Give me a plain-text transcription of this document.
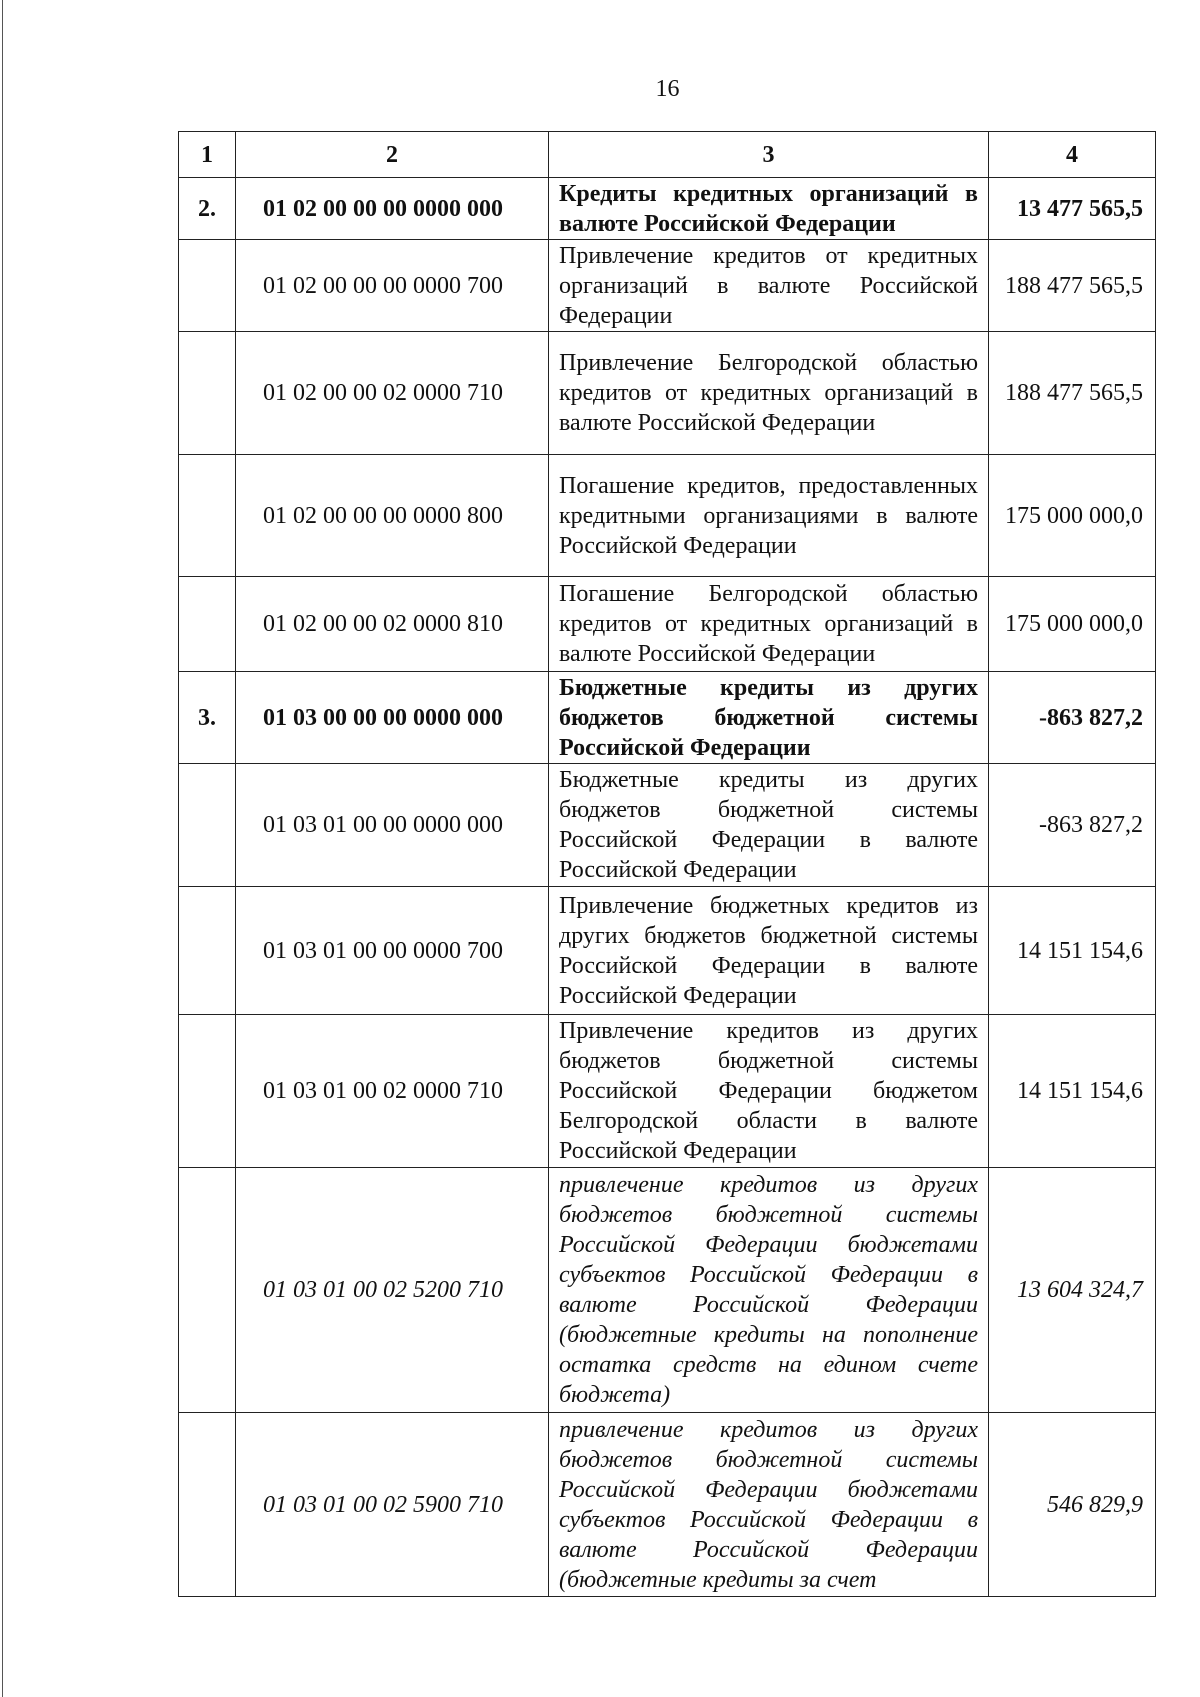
16
1	2	3	4
2.	01 02 00 00 00 0000 000	Кредиты кредитных организаций в валюте Российской Федерации	13 477 565,5
	01 02 00 00 00 0000 700	Привлечение кредитов от кредитных организаций в валюте Российской Федерации	188 477 565,5
	01 02 00 00 02 0000 710	Привлечение Белгородской областью кредитов от кредитных организаций в валюте Российской Федерации	188 477 565,5
	01 02 00 00 00 0000 800	Погашение кредитов, предоставленных кредитными организациями в валюте Российской Федерации	175 000 000,0
	01 02 00 00 02 0000 810	Погашение Белгородской областью кредитов от кредитных организаций в валюте Российской Федерации	175 000 000,0
3.	01 03 00 00 00 0000 000	Бюджетные кредиты из других бюджетов бюджетной системы Российской Федерации	-863 827,2
	01 03 01 00 00 0000 000	Бюджетные кредиты из других бюджетов бюджетной системы Российской Федерации в валюте Российской Федерации	-863 827,2
	01 03 01 00 00 0000 700	Привлечение бюджетных кредитов из других бюджетов бюджетной системы Российской Федерации в валюте Российской Федерации	14 151 154,6
	01 03 01 00 02 0000 710	Привлечение кредитов из других бюджетов бюджетной системы Российской Федерации бюджетом Белгородской области в валюте Российской Федерации	14 151 154,6
	01 03 01 00 02 5200 710	привлечение кредитов из других бюджетов бюджетной системы Российской Федерации бюджетами субъектов Российской Федерации в валюте Российской Федерации (бюджетные кредиты на пополнение остатка средств на едином счете бюджета)	13 604 324,7
	01 03 01 00 02 5900 710	привлечение кредитов из других бюджетов бюджетной системы Российской Федерации бюджетами субъектов Российской Федерации в валюте Российской Федерации (бюджетные кредиты за счет	546 829,9
